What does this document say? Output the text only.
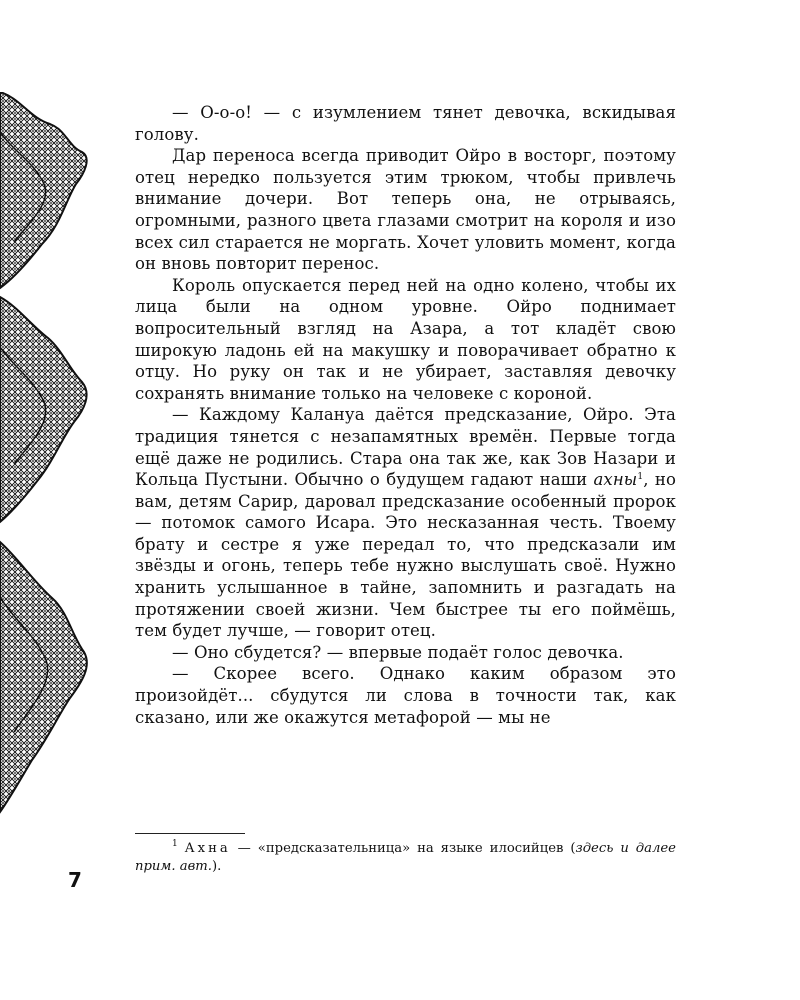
— О-о-о! — с изумлением тянет девочка, вскидывая голову.

Дар переноса всегда приводит Ойро в восторг, поэтому отец нередко пользуется этим трюком, чтобы привлечь внимание дочери. Вот теперь она, не отрываясь, огромными, разного цвета глазами смотрит на короля и изо всех сил старается не моргать. Хочет уловить момент, когда он вновь повторит перенос.

Король опускается перед ней на одно колено, чтобы их лица были на одном уровне. Ойро поднимает вопросительный взгляд на Азара, а тот кладёт свою широкую ладонь ей на макушку и поворачивает обратно к отцу. Но руку он так и не убирает, заставляя девочку сохранять внимание только на человеке с короной.

— Каждому Калануа даётся предсказание, Ойро. Эта традиция тянется с незапамятных времён. Первые тогда ещё даже не родились. Стара она так же, как Зов Назари и Кольца Пустыни. Обычно о будущем гадают наши ахны$^1$, но вам, детям Сарир, даровал предсказание особенный пророк — потомок самого Исара. Это несказанная честь. Твоему брату и сестре я уже передал то, что предсказали им звёзды и огонь, теперь тебе нужно выслушать своё. Нужно хранить услышанное в тайне, запомнить и разгадать на протяжении своей жизни. Чем быстрее ты его поймёшь, тем будет лучше, — говорит отец.

— Оно сбудется? — впервые подаёт голос девочка.

— Скорее всего. Однако каким образом это произойдёт... сбудутся ли слова в точности так, как сказано, или же окажутся метафорой — мы не

$^1$ Ахна — «предсказательница» на языке илосийцев (здесь и далее прим. авт.).
7
